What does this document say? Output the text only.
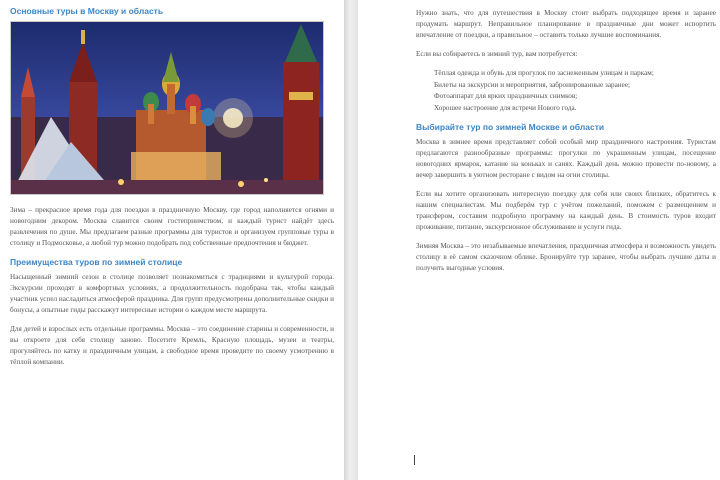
Основные туры в Москву и область

Зима – прекрасное время года для поездки в праздничную Москву, где город наполняется огнями и новогодним декором. Москва славится своим гостеприимством, и каждый турист найдёт здесь развлечения по душе. Мы предлагаем разные программы для туристов и организуем групповые туры в столицу и Подмосковье, а любой тур можно подобрать под собственные предпочтения и бюджет.

Преимущества туров по зимней столице

Насыщенный зимний сезон в столице позволяет познакомиться с традициями и культурой города. Экскурсии проходят в комфортных условиях, а продолжительность подобрана так, чтобы каждый участник успел насладиться атмосферой праздника. Для групп предусмотрены дополнительные скидки и бонусы, а опытные гиды расскажут интересные истории о каждом месте маршрута.

Для детей и взрослых есть отдельные программы. Москва – это соединение старины и современности, и вы откроете для себя столицу заново. Посетите Кремль, Красную площадь, музеи и театры, прогуляйтесь по катку и праздничным улицам, а свободное время проведите по своему усмотрению в тёплой компании.

Нужно знать, что для путешествия в Москву стоит выбрать подходящее время и заранее продумать маршрут. Неправильное планирование в праздничные дни может испортить впечатление от поездки, а правильное – оставить только лучшие воспоминания.

Если вы собираетесь в зимний тур, вам потребуется:

• Тёплая одежда и обувь для прогулок по заснеженным улицам и паркам;
• Билеты на экскурсии и мероприятия, забронированные заранее;
• Фотоаппарат для ярких праздничных снимков;
• Хорошее настроение для встречи Нового года.
Выбирайте тур по зимней Москве и области

Москва в зимнее время представляет собой особый мир праздничного настроения. Туристам предлагаются разнообразные программы: прогулки по украшенным улицам, посещение новогодних ярмарок, катание на коньках и санях. Каждый день можно провести по-новому, а вечер завершить в уютном ресторане с видом на огни столицы.

Если вы хотите организовать интересную поездку для себя или своих близких, обратитесь к нашим специалистам. Мы подберём тур с учётом пожеланий, поможем с размещением и трансфером, составим подробную программу на каждый день. В стоимость туров входит проживание, питание, экскурсионное обслуживание и услуги гида.

Зимняя Москва – это незабываемые впечатления, праздничная атмосфера и возможность увидеть столицу в её самом сказочном облике. Бронируйте тур заранее, чтобы выбрать лучшие даты и получить выгодные условия.
